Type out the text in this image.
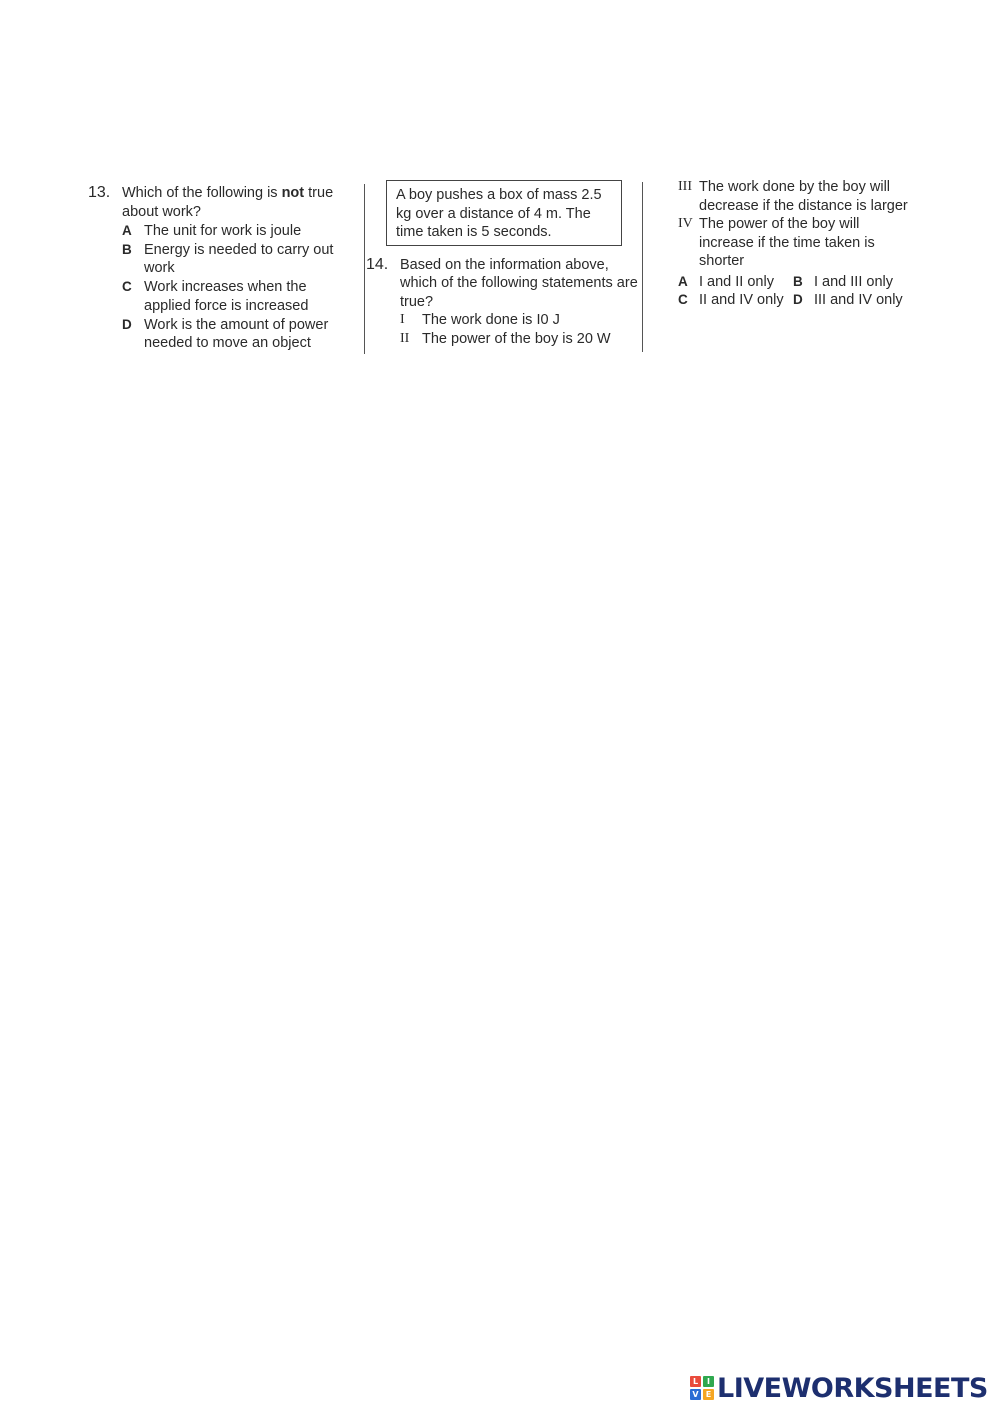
13. Which of the following is not true about work?
A The unit for work is joule
B Energy is needed to carry out work
C Work increases when the applied force is increased
D Work is the amount of power needed to move an object
A boy pushes a box of mass 2.5 kg over a distance of 4 m. The time taken is 5 seconds.
14. Based on the information above, which of the following statements are true?
I	The work done is I0 J
II The power of the boy is 20 W
III The work done by the boy will decrease if the distance is larger
IV The power of the boy will increase if the time taken is shorter
A I and II only	B I and III only
C II and IV only D III and IV only
L	I
V E LIVEWORKSHEETS
